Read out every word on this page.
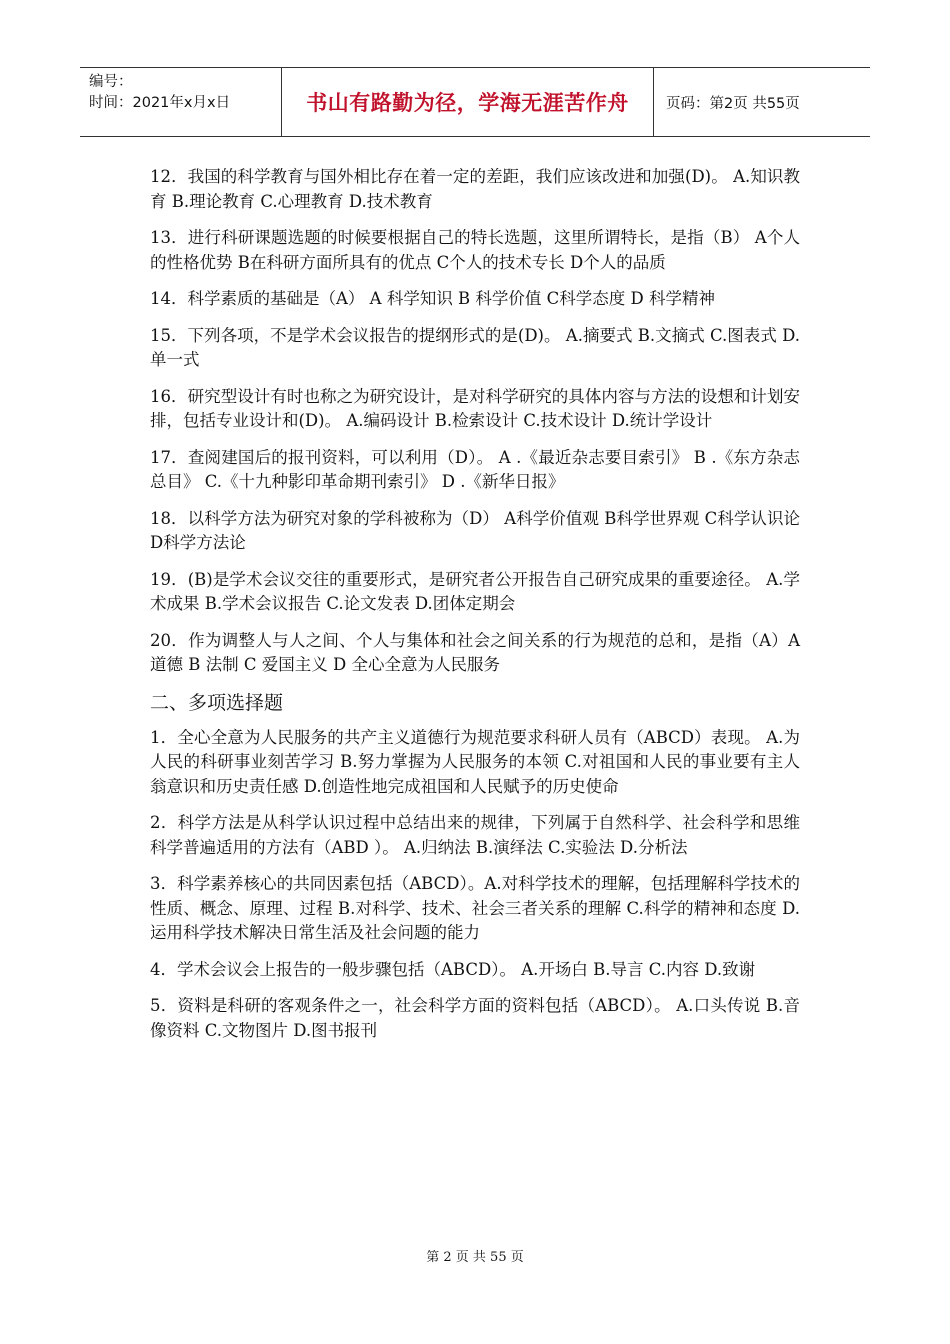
编号：
时间：2021年x月x日	书山有路勤为径，学海无涯苦作舟	页码：第2页 共55页

12．我国的科学教育与国外相比存在着一定的差距，我们应该改进和加强(D)。 A.知识教育 B.理论教育 C.心理教育 D.技术教育

13．进行科研课题选题的时候要根据自己的特长选题，这里所谓特长，是指（B） A个人的性格优势 B在科研方面所具有的优点 C个人的技术专长 D个人的品质

14．科学素质的基础是（A） A 科学知识 B 科学价值 C科学态度 D 科学精神

15．下列各项，不是学术会议报告的提纲形式的是(D)。 A.摘要式 B.文摘式 C.图表式 D.单一式

16．研究型设计有时也称之为研究设计，是对科学研究的具体内容与方法的设想和计划安排，包括专业设计和(D)。 A.编码设计 B.检索设计 C.技术设计 D.统计学设计

17．查阅建国后的报刊资料，可以利用（D）。 A .《最近杂志要目索引》 B .《东方杂志总目》 C.《十九种影印革命期刊索引》 D .《新华日报》

18．以科学方法为研究对象的学科被称为（D） A科学价值观 B科学世界观 C科学认识论 D科学方法论

19．(B)是学术会议交往的重要形式，是研究者公开报告自己研究成果的重要途径。 A.学术成果 B.学术会议报告 C.论文发表 D.团体定期会

20．作为调整人与人之间、个人与集体和社会之间关系的行为规范的总和，是指（A）A 道德 B 法制 C 爱国主义 D 全心全意为人民服务

二、多项选择题

1．全心全意为人民服务的共产主义道德行为规范要求科研人员有（ABCD）表现。 A.为人民的科研事业刻苦学习 B.努力掌握为人民服务的本领 C.对祖国和人民的事业要有主人翁意识和历史责任感 D.创造性地完成祖国和人民赋予的历史使命

2．科学方法是从科学认识过程中总结出来的规律，下列属于自然科学、社会科学和思维科学普遍适用的方法有（ABD ）。 A.归纳法 B.演绎法 C.实验法 D.分析法

3．科学素养核心的共同因素包括（ABCD）。A.对科学技术的理解，包括理解科学技术的性质、概念、原理、过程 B.对科学、技术、社会三者关系的理解 C.科学的精神和态度 D.运用科学技术解决日常生活及社会问题的能力

4．学术会议会上报告的一般步骤包括（ABCD）。 A.开场白 B.导言 C.内容 D.致谢

5．资料是科研的客观条件之一，社会科学方面的资料包括（ABCD）。 A.口头传说 B.音像资料 C.文物图片 D.图书报刊

第 2 页 共 55 页
